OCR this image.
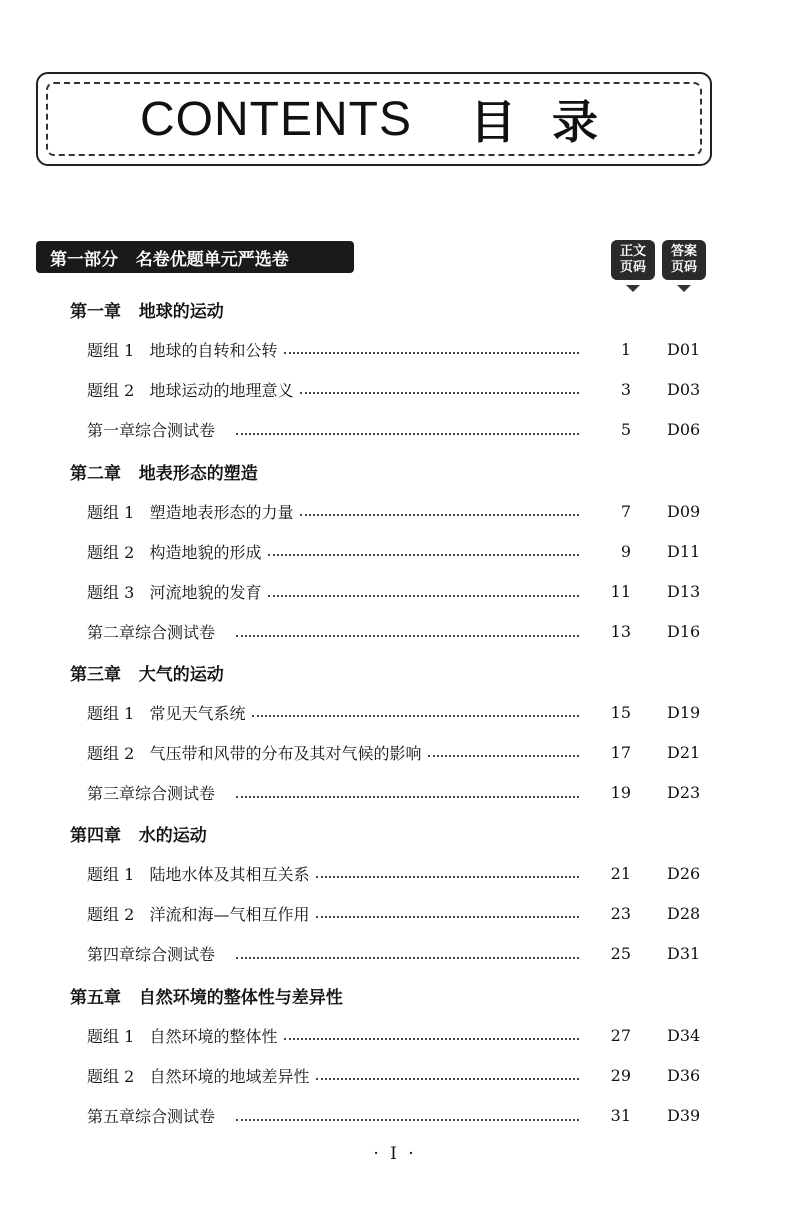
CONTENTS 目 录
第一部分   名卷优题单元严选卷	正文
页码
答案
页码
第一章   地球的运动
题组 1   地球的自转和公转	1 D01
题组 2   地球运动的地理意义	3 D03
第一章综合测试卷	5 D06
第二章   地表形态的塑造
题组 1   塑造地表形态的力量	7 D09
题组 2   构造地貌的形成	9 D11
题组 3   河流地貌的发育	11 D13
第二章综合测试卷	13 D16
第三章   大气的运动
题组 1   常见天气系统	15 D19
题组 2   气压带和风带的分布及其对气候的影响	17 D21
第三章综合测试卷	19 D23
第四章   水的运动
题组 1   陆地水体及其相互关系	21 D26
题组 2   洋流和海—气相互作用	23 D28
第四章综合测试卷	25 D31
第五章   自然环境的整体性与差异性
题组 1   自然环境的整体性	27 D34
题组 2   自然环境的地域差异性	29 D36
第五章综合测试卷	31 D39
· I ·
